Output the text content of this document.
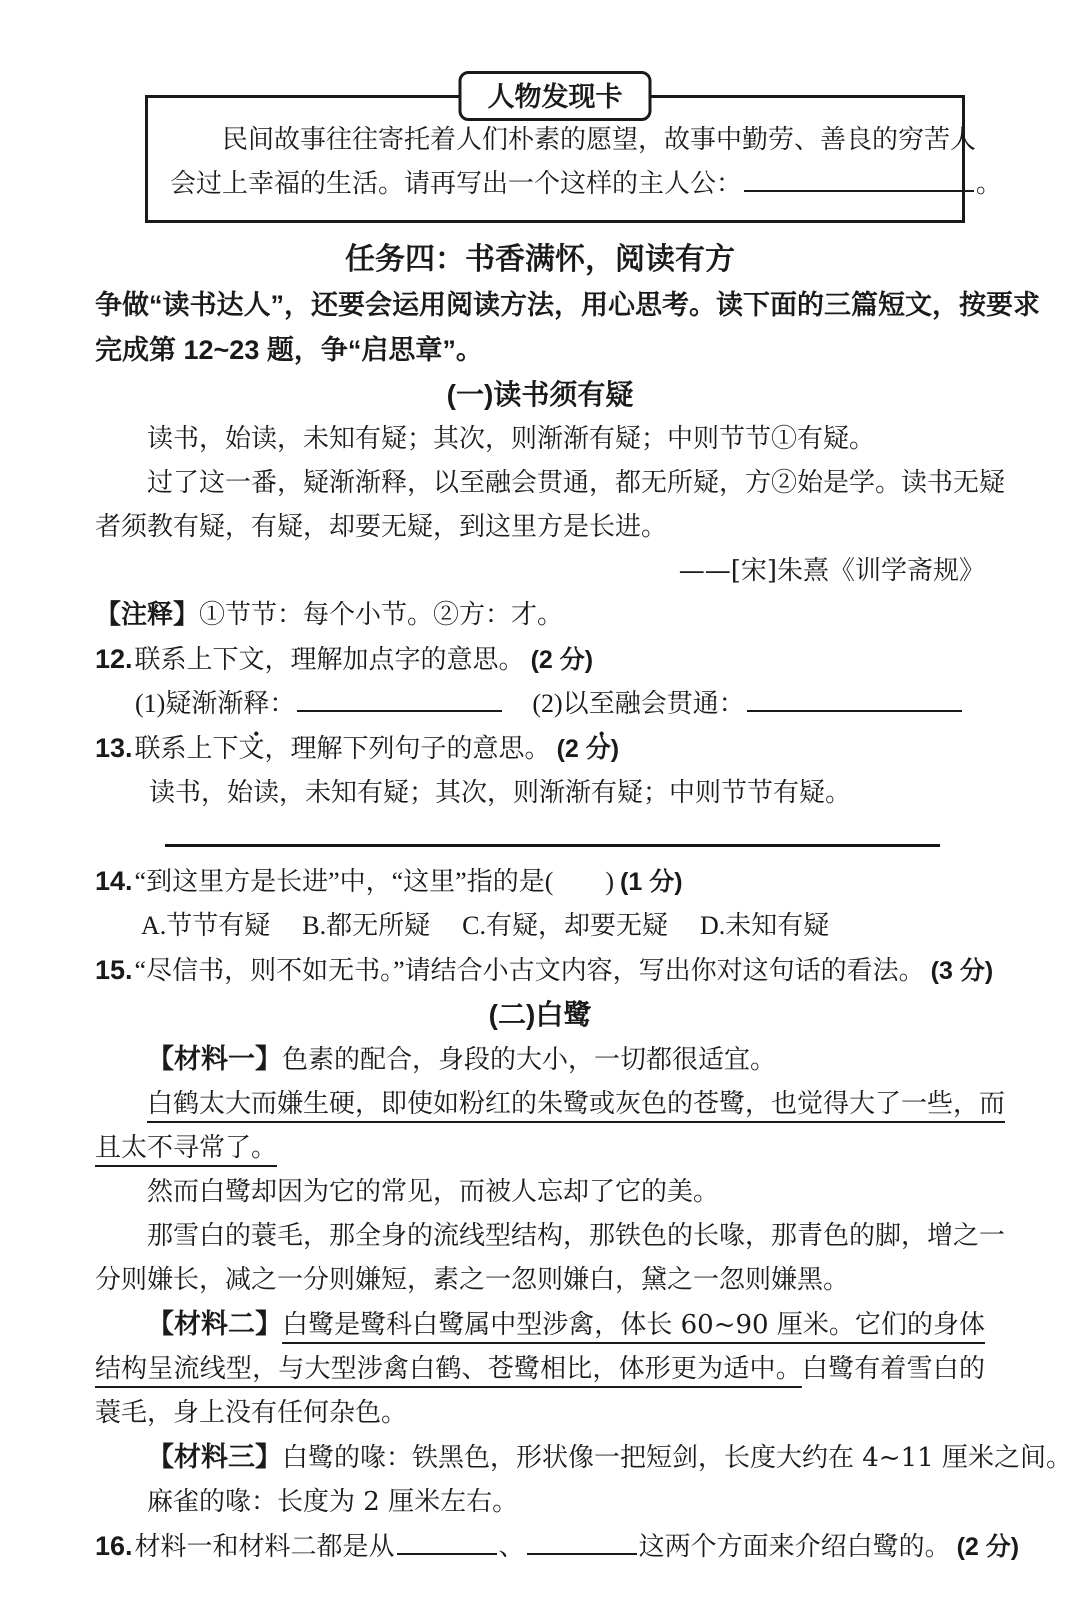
人物发现卡
民间故事往往寄托着人们朴素的愿望，故事中勤劳、善良的穷苦人
会过上幸福的生活。请再写出一个这样的主人公：	。
任务四：书香满怀，阅读有方
争做“读书达人”，还要会运用阅读方法，用心思考。读下面的三篇短文，按要求
完成第 12~23 题，争“启思章”。
(一)读书须有疑
读书，始读，未知有疑；其次，则渐渐有疑；中则节节①有疑。
过了这一番，疑渐渐释，以至融会贯通，都无所疑，方②始是学。读书无疑
者须教有疑，有疑，却要无疑，到这里方是长进。
——[宋]朱熹《训学斋规》
【注释】①节节：每个小节。②方：才。
12.联系上下文，理解加点字的意思。 (2 分)
(1)疑渐渐释：	(2)以至融会贯通：
13.联系上下文，理解下列句子的意思。 (2 分)
读书，始读，未知有疑；其次，则渐渐有疑；中则节节有疑。
14.“到这里方是长进”中，“这里”指的是(　　) (1 分)
A.节节有疑 B.都无所疑 C.有疑，却要无疑 D.未知有疑
15.“尽信书，则不如无书。”请结合小古文内容，写出你对这句话的看法。 (3 分)
(二)白鹭
【材料一】色素的配合，身段的大小，一切都很适宜。
白鹤太大而嫌生硬，即使如粉红的朱鹭或灰色的苍鹭，也觉得大了一些，而
且太不寻常了。
然而白鹭却因为它的常见，而被人忘却了它的美。
那雪白的蓑毛，那全身的流线型结构，那铁色的长喙，那青色的脚，增之一
分则嫌长，减之一分则嫌短，素之一忽则嫌白，黛之一忽则嫌黑。
【材料二】白鹭是鹭科白鹭属中型涉禽，体长 60~90 厘米。它们的身体结构呈流线型，与大型涉禽白鹤、苍鹭相比，体形更为适中。白鹭有着雪白的蓑毛，身上没有任何杂色。
【材料三】白鹭的喙：铁黑色，形状像一把短剑，长度大约在 4~11 厘米之间。
麻雀的喙：长度为 2 厘米左右。
16.材料一和材料二都是从	、	这两个方面来介绍白鹭的。 (2 分)
